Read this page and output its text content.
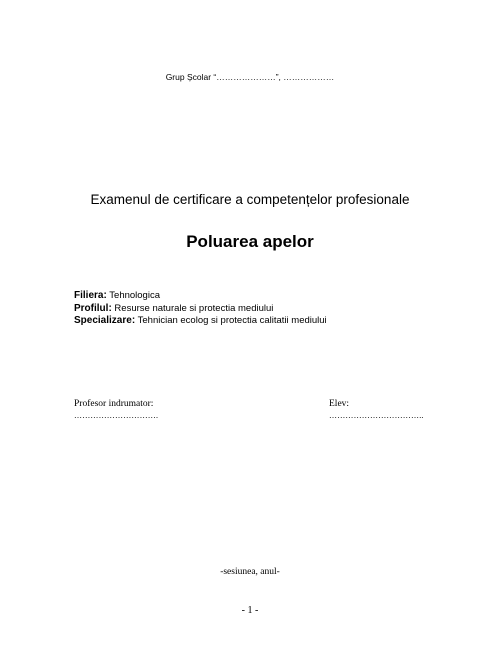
Grup Școlar “…………………”, ………………
Examenul de certificare a competențelor profesionale
Poluarea apelor
Filiera: Tehnologica
Profilul: Resurse naturale si protectia mediului
Specializare: Tehnician ecolog si protectia calitatii mediului
Profesor indrumator:
………………………….
Elev:
……………………………..
-sesiunea, anul-
- 1 -
